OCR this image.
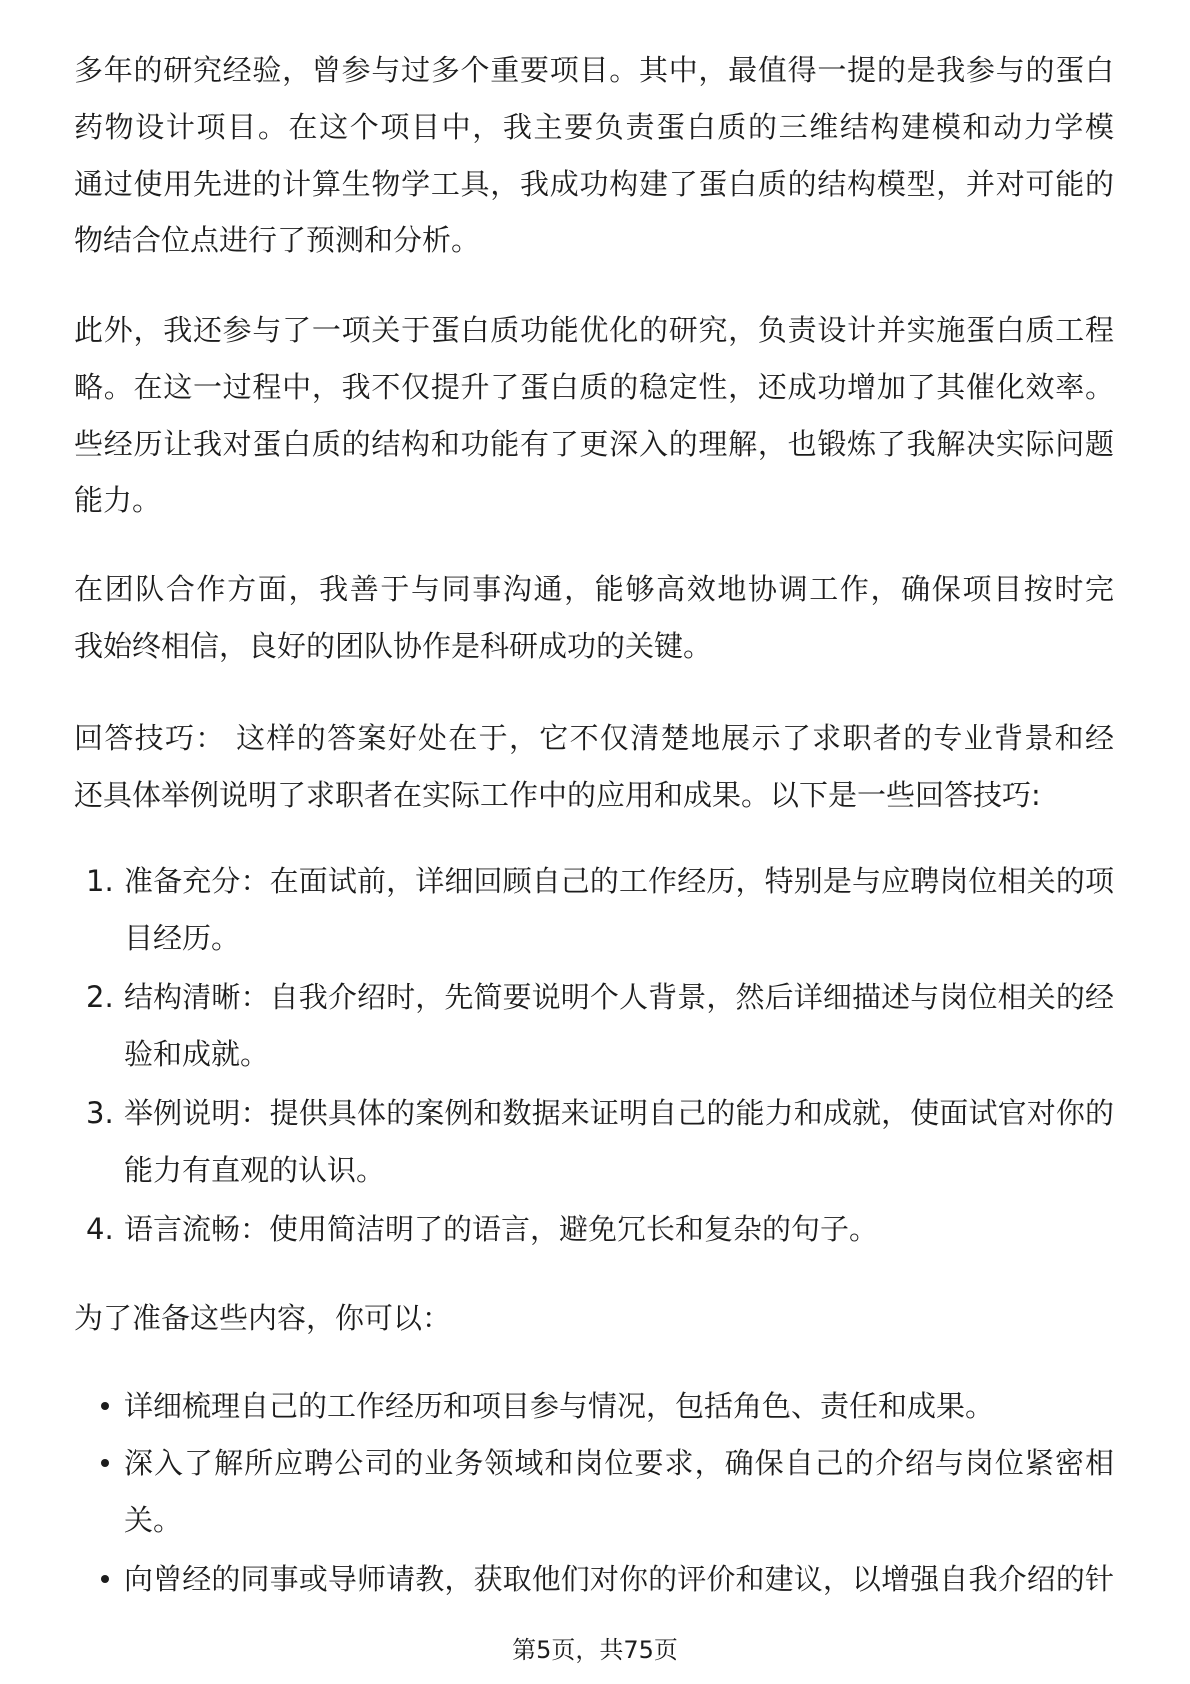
多年的研究经验，曾参与过多个重要项目。其中，最值得一提的是我参与的蛋白
药物设计项目。在这个项目中，我主要负责蛋白质的三维结构建模和动力学模
通过使用先进的计算生物学工具，我成功构建了蛋白质的结构模型，并对可能的
物结合位点进行了预测和分析。
此外，我还参与了一项关于蛋白质功能优化的研究，负责设计并实施蛋白质工程
略。在这一过程中，我不仅提升了蛋白质的稳定性，还成功增加了其催化效率。
些经历让我对蛋白质的结构和功能有了更深入的理解，也锻炼了我解决实际问题
能力。
在团队合作方面，我善于与同事沟通，能够高效地协调工作，确保项目按时完
我始终相信，良好的团队协作是科研成功的关键。
回答技巧： 这样的答案好处在于，它不仅清楚地展示了求职者的专业背景和经
还具体举例说明了求职者在实际工作中的应用和成果。以下是一些回答技巧:
1. 准备充分：在面试前，详细回顾自己的工作经历，特别是与应聘岗位相关的项
目经历。
2. 结构清晰：自我介绍时，先简要说明个人背景，然后详细描述与岗位相关的经
验和成就。
3. 举例说明：提供具体的案例和数据来证明自己的能力和成就，使面试官对你的
能力有直观的认识。
4. 语言流畅：使用简洁明了的语言，避免冗长和复杂的句子。
为了准备这些内容，你可以：
详细梳理自己的工作经历和项目参与情况，包括角色、责任和成果。
深入了解所应聘公司的业务领域和岗位要求，确保自己的介绍与岗位紧密相
关。
向曾经的同事或导师请教，获取他们对你的评价和建议，以增强自我介绍的针
第5页，共75页
